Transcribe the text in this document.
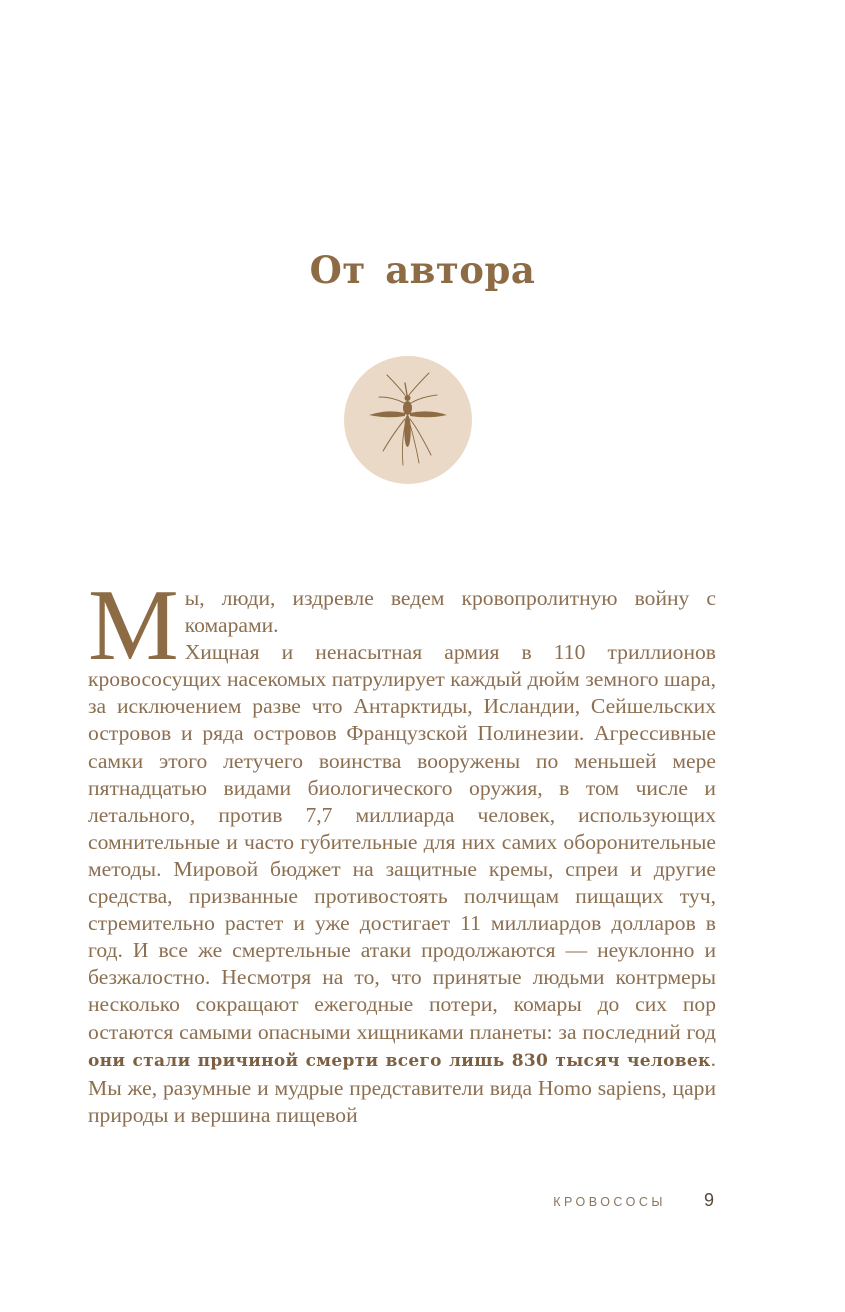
От автора

Мы, люди, издревле ведем кровопролитную войну с комарами.

Хищная и ненасытная армия в 110 триллионов кровососущих насекомых патрулирует каждый дюйм земного шара, за исключением разве что Антарктиды, Исландии, Сейшельских островов и ряда островов Французской Полинезии. Агрессивные самки этого летучего воинства вооружены по меньшей мере пятнадцатью видами биологического оружия, в том числе и летального, против 7,7 миллиарда человек, использующих сомнительные и часто губительные для них самих оборонительные методы. Мировой бюджет на защитные кремы, спреи и другие средства, призванные противостоять полчищам пищащих туч, стремительно растет и уже достигает 11 миллиардов долларов в год. И все же смертельные атаки продолжаются — неуклонно и безжалостно. Несмотря на то, что принятые людьми контрмеры несколько сокращают ежегодные потери, комары до сих пор остаются самыми опасными хищниками планеты: за последний год они стали причиной смерти всего лишь 830 тысяч человек. Мы же, разумные и мудрые представители вида Homo sapiens, цари природы и вершина пищевой

КРОВОСОСЫ 9
